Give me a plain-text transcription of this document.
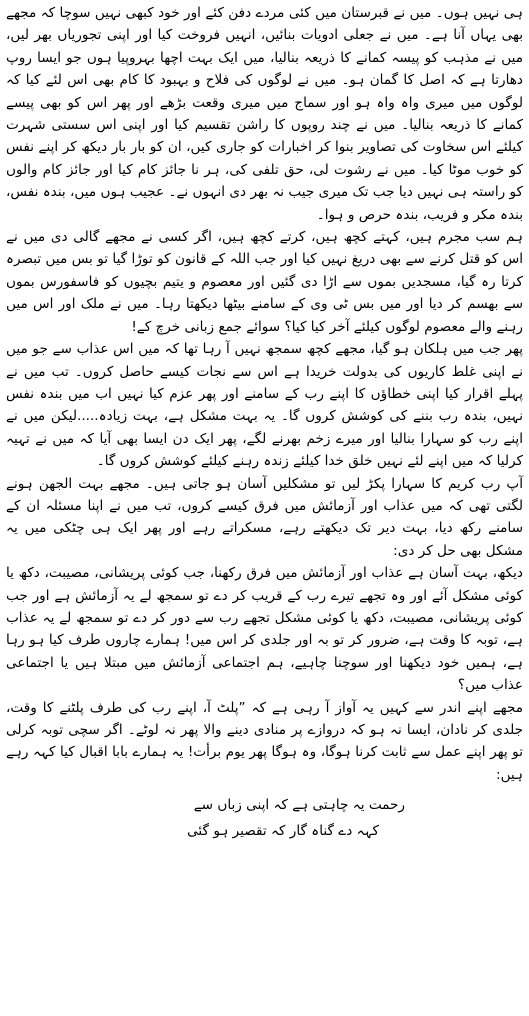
ہی نہیں ہوں۔ میں نے قبرستان میں کئی مردے دفن کئے اور خود کبھی نہیں سوچا کہ مجھے بھی یہاں آنا ہے۔ میں نے جعلی ادویات بنائیں، انہیں فروخت کیا اور اپنی تجوریاں بھر لیں، میں نے مذہب کو پیسہ کمانے کا ذریعہ بنالیا، میں ایک بہت اچھا بہروپیا ہوں جو ایسا روپ دھارتا ہے کہ اصل کا گمان ہو۔ میں نے لوگوں کی فلاح و بہبود کا کام بھی اس لئے کیا کہ لوگوں میں میری واہ واہ ہو اور سماج میں میری وقعت بڑھے اور پھر اس کو بھی پیسے کمانے کا ذریعہ بنالیا۔ میں نے چند روپوں کا راشن تقسیم کیا اور اپنی اس سستی شہرت کیلئے اس سخاوت کی تصاویر بنوا کر اخبارات کو جاری کیں، ان کو بار بار دیکھ کر اپنے نفس کو خوب موٹا کیا۔ میں نے رشوت لی، حق تلفی کی، ہر نا جائز کام کیا اور جائز کام والوں کو راستہ ہی نہیں دیا جب تک میری جیب نہ بھر دی انہوں نے۔ عجیب ہوں میں، بندہ نفس، بندہ مکر و فریب، بندہ حرص و ہوا۔

ہم سب مجرم ہیں، کہتے کچھ ہیں، کرتے کچھ ہیں، اگر کسی نے مجھے گالی دی میں نے اس کو قتل کرنے سے بھی دریغ نہیں کیا اور جب اللہ کے قانون کو توڑا گیا تو بس میں تبصرہ کرتا رہ گیا، مسجدیں بموں سے اڑا دی گئیں اور معصوم و یتیم بچیوں کو فاسفورس بموں سے بھسم کر دیا اور میں بس ٹی وی کے سامنے بیٹھا دیکھتا رہا۔ میں نے ملک اور اس میں رہنے والے معصوم لوگوں کیلئے آخر کیا کیا؟ سوائے جمع زبانی خرچ کے!

پھر جب میں ہلکان ہو گیا، مجھے کچھ سمجھ نہیں آ رہا تھا کہ میں اس عذاب سے جو میں نے اپنی غلط کاریوں کی بدولت خریدا ہے اس سے نجات کیسے حاصل کروں۔ تب میں نے پہلے اقرار کیا اپنی خطاؤں کا اپنے رب کے سامنے اور پھر عزم کیا نہیں اب میں بندہ نفس نہیں، بندہ رب بننے کی کوشش کروں گا۔ یہ بہت مشکل ہے، بہت زیادہ.....لیکن میں نے اپنے رب کو سہارا بنالیا اور میرے زخم بھرنے لگے، پھر ایک دن ایسا بھی آیا کہ میں نے تہیہ کرلیا کہ میں اپنے لئے نہیں خلق خدا کیلئے زندہ رہنے کیلئے کوشش کروں گا۔

آپ رب کریم کا سہارا پکڑ لیں تو مشکلیں آسان ہو جاتی ہیں۔ مجھے بہت الجھن ہونے لگتی تھی کہ میں عذاب اور آزمائش میں فرق کیسے کروں، تب میں نے اپنا مسئلہ ان کے سامنے رکھ دیا، بہت دیر تک دیکھتے رہے، مسکراتے رہے اور پھر ایک ہی چٹکی میں یہ مشکل بھی حل کر دی:

دیکھ، بہت آسان ہے عذاب اور آزمائش میں فرق رکھنا، جب کوئی پریشانی، مصیبت، دکھ یا کوئی مشکل آئے اور وہ تجھے تیرے رب کے قریب کر دے تو سمجھ لے یہ آزمائش ہے اور جب کوئی پریشانی، مصیبت، دکھ یا کوئی مشکل تجھے رب سے دور کر دے تو سمجھ لے یہ عذاب ہے، توبہ کا وقت ہے، ضرور کر تو بہ اور جلدی کر اس میں! ہمارے چاروں طرف کیا ہو رہا ہے، ہمیں خود دیکھنا اور سوچنا چاہیے، ہم اجتماعی آزمائش میں مبتلا ہیں یا اجتماعی عذاب میں؟

مجھے اپنے اندر سے کہیں یہ آواز آ رہی ہے کہ ”پلٹ آ، اپنے رب کی طرف پلٹنے کا وقت، جلدی کر نادان، ایسا نہ ہو کہ دروازے پر منادی دینے والا پھر نہ لوٹے۔ اگر سچی توبہ کرلی تو پھر اپنے عمل سے ثابت کرنا ہوگا، وہ ہوگا پھر یوم برأت! یہ ہمارے بابا اقبال کیا کہہ رہے ہیں:

رحمت یہ چاہتی ہے کہ اپنی زباں سے
کہہ دے گناہ گار کہ تقصیر ہو گئی
